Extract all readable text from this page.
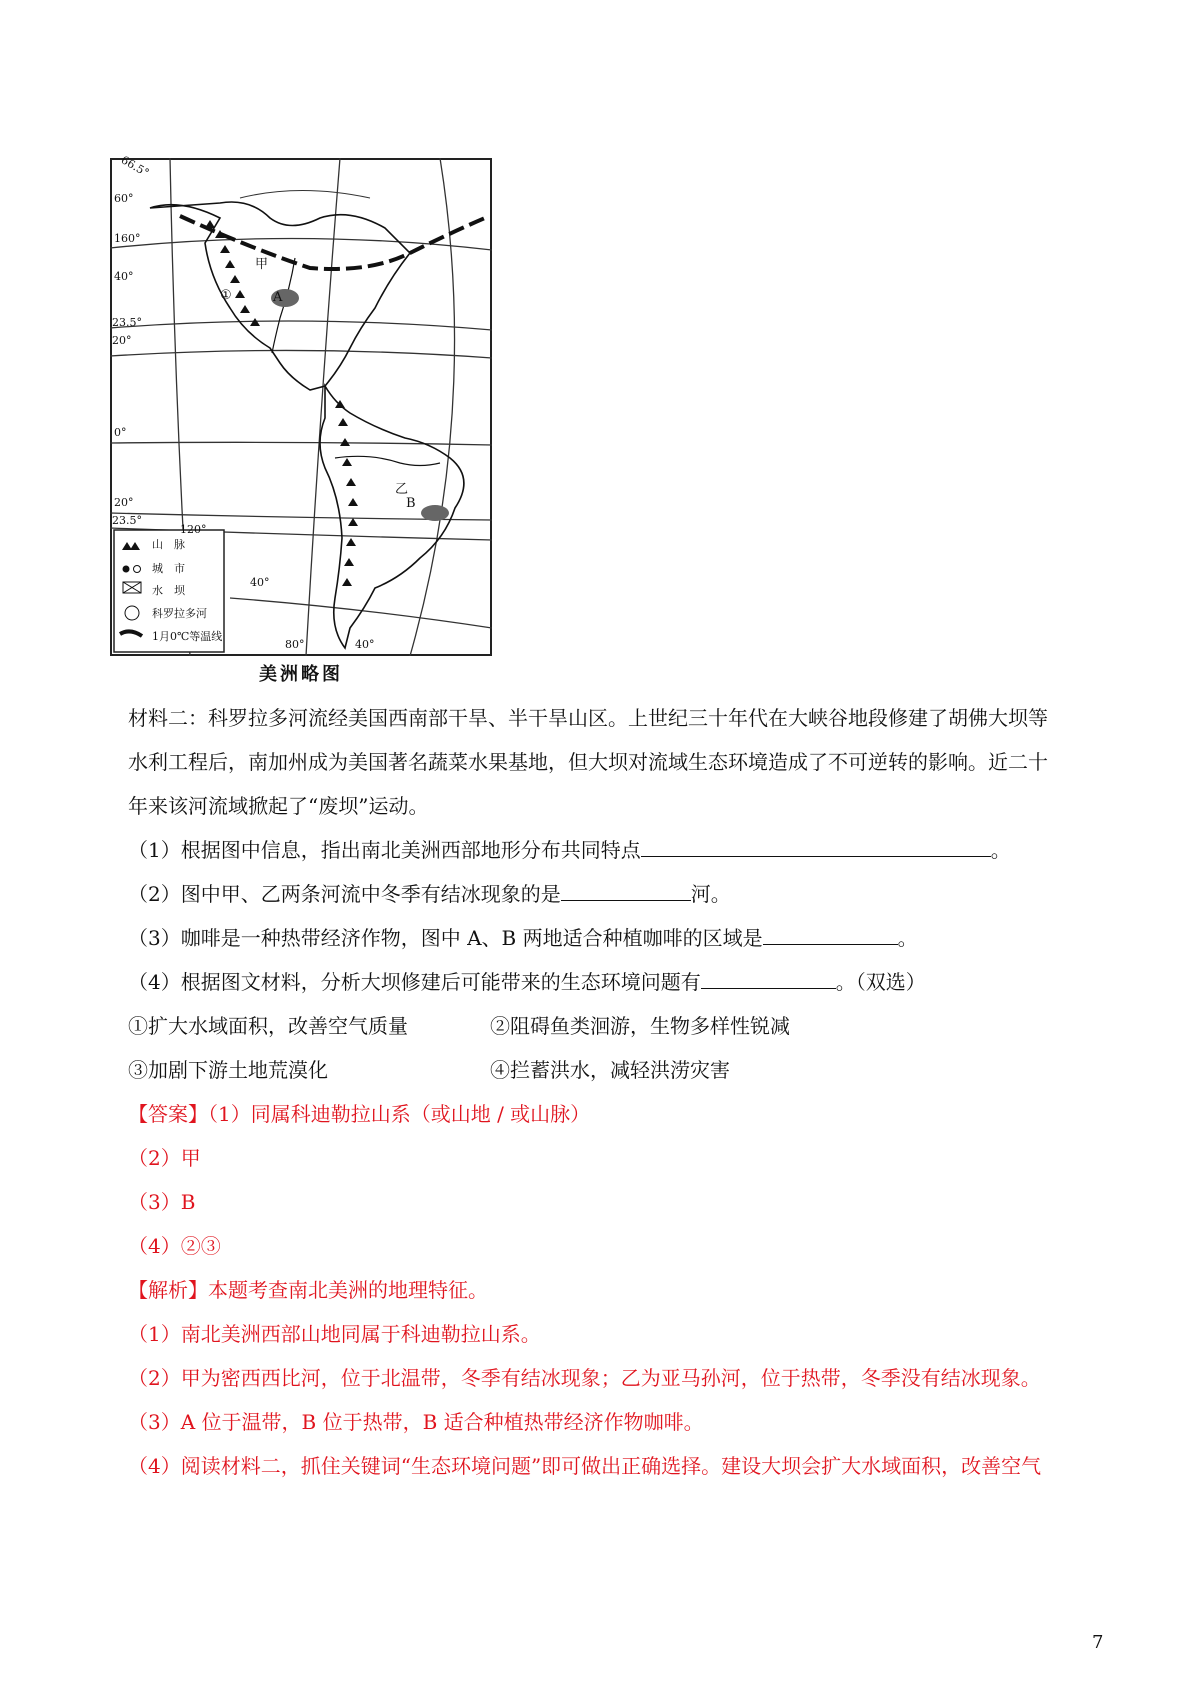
66.5°
60°
40°
23.5°
20°
0°
20°
23.5°
40°
160°
120°
80°	40°
甲
乙
A
B
①
山　脉
城　市
水　坝
科罗拉多河
1月0℃等温线
美洲略图
材料二：科罗拉多河流经美国西南部干旱、半干旱山区。上世纪三十年代在大峡谷地段修建了胡佛大坝等
水利工程后，南加州成为美国著名蔬菜水果基地，但大坝对流域生态环境造成了不可逆转的影响。近二十
年来该河流域掀起了“废坝”运动。
（1）根据图中信息，指出南北美洲西部地形分布共同特点	。
（2）图中甲、乙两条河流中冬季有结冰现象的是	河。
（3）咖啡是一种热带经济作物，图中 A、B 两地适合种植咖啡的区域是	。
（4）根据图文材料，分析大坝修建后可能带来的生态环境问题有	。（双选）
①扩大水域面积，改善空气质量	②阻碍鱼类洄游，生物多样性锐减
③加剧下游土地荒漠化	④拦蓄洪水，减轻洪涝灾害
【答案】（1）同属科迪勒拉山系（或山地 / 或山脉）
（2）甲
（3）B
（4）②③
【解析】本题考查南北美洲的地理特征。
（1）南北美洲西部山地同属于科迪勒拉山系。
（2）甲为密西西比河，位于北温带，冬季有结冰现象；乙为亚马孙河，位于热带，冬季没有结冰现象。
（3）A 位于温带，B 位于热带，B 适合种植热带经济作物咖啡。
（4）阅读材料二，抓住关键词“生态环境问题”即可做出正确选择。建设大坝会扩大水域面积，改善空气
7
